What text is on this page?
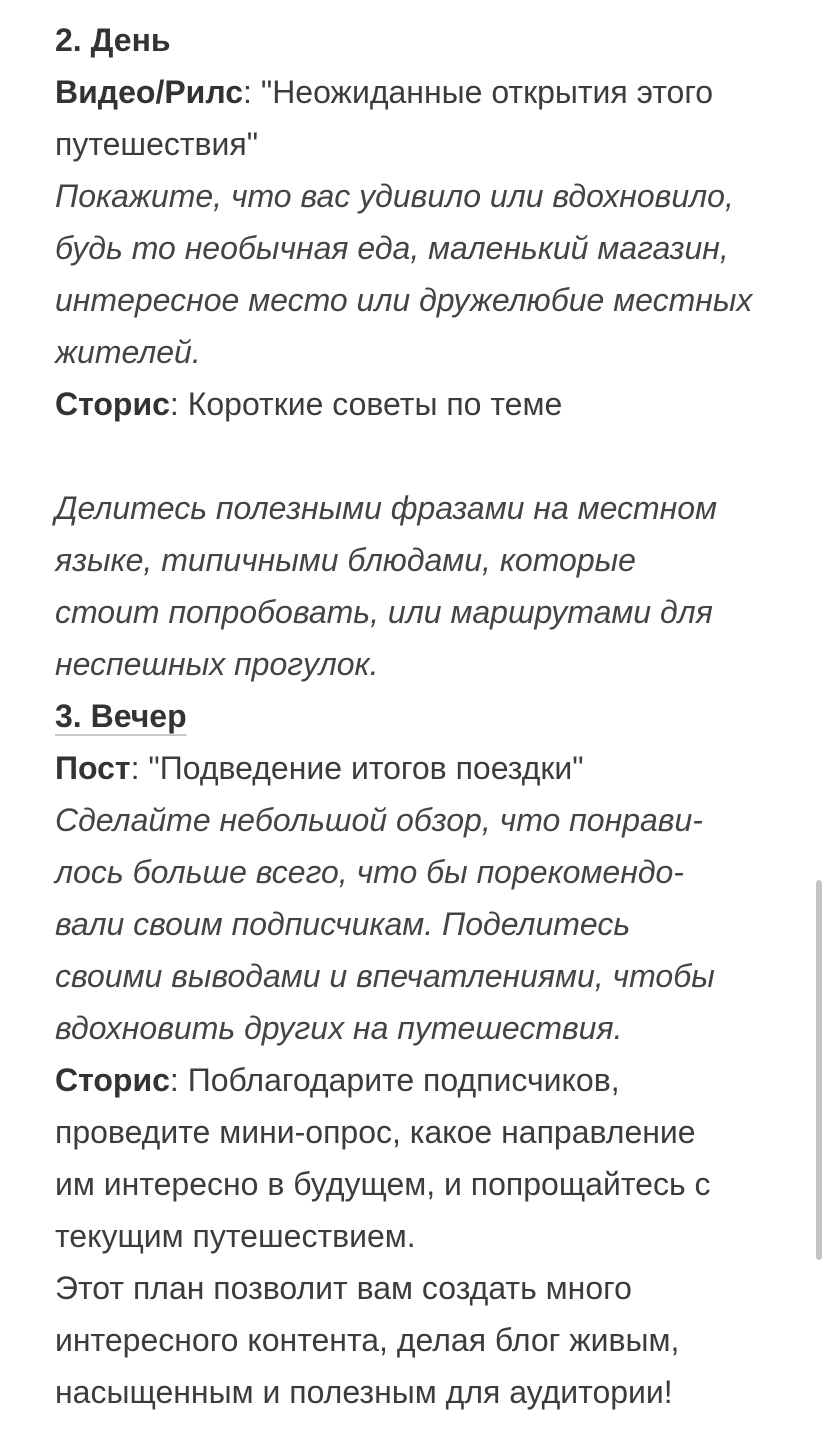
2. День

Видео/Рилс: "Неожиданные открытия этого

путешествия"

Покажите, что вас удивило или вдохновило,

будь то необычная еда, маленький магазин,

интересное место или дружелюбие местных

жителей.

Сторис: Короткие советы по теме

Делитесь полезными фразами на местном

языке, типичными блюдами, которые

стоит попробовать, или маршрутами для

неспешных прогулок.

3. Вечер

Пост: "Подведение итогов поездки"

Сделайте небольшой обзор, что понрави-

лось больше всего, что бы порекомендо-

вали своим подписчикам. Поделитесь

своими выводами и впечатлениями, чтобы

вдохновить других на путешествия.

Сторис: Поблагодарите подписчиков,

проведите мини-опрос, какое направление

им интересно в будущем, и попрощайтесь с

текущим путешествием.

Этот план позволит вам создать много

интересного контента, делая блог живым,

насыщенным и полезным для аудитории!
